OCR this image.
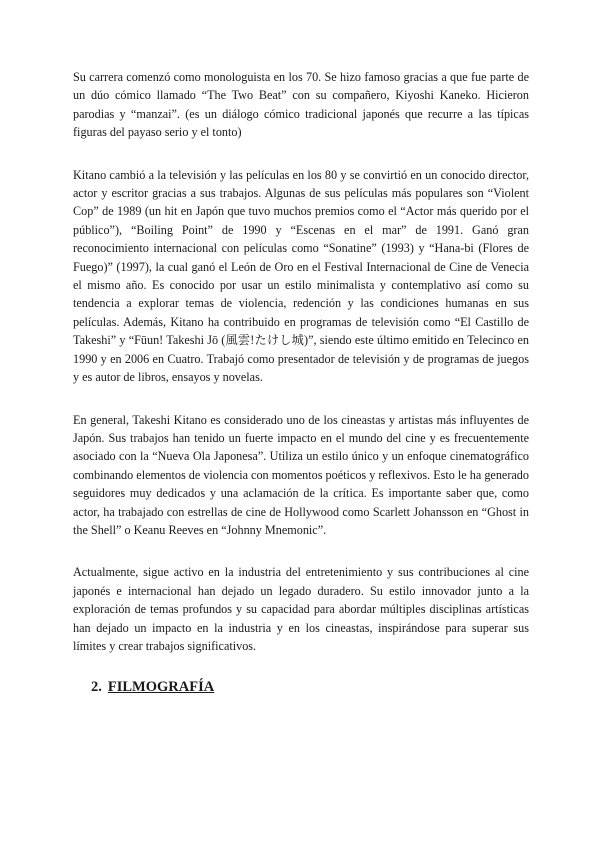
Su carrera comenzó como monologuista en los 70. Se hizo famoso gracias a que fue parte de un dúo cómico llamado “The Two Beat” con su compañero, Kiyoshi Kaneko. Hicieron parodias y “manzai”. (es un diálogo cómico tradicional japonés que recurre a las típicas figuras del payaso serio y el tonto)

Kitano cambió a la televisión y las películas en los 80 y se convirtió en un conocido director, actor y escritor gracias a sus trabajos. Algunas de sus películas más populares son “Violent Cop” de 1989 (un hit en Japón que tuvo muchos premios como el “Actor más querido por el público”), “Boiling Point” de 1990 y “Escenas en el mar” de 1991. Ganó gran reconocimiento internacional con películas como “Sonatine” (1993) y “Hana-bi (Flores de Fuego)” (1997), la cual ganó el León de Oro en el Festival Internacional de Cine de Venecia el mismo año. Es conocido por usar un estilo minimalista y contemplativo así como su tendencia a explorar temas de violencia, redención y las condiciones humanas en sus películas. Además, Kitano ha contribuido en programas de televisión como “El Castillo de Takeshi” y “Fūun! Takeshi Jō (風雲!たけし城)”, siendo este último emitido en Telecinco en 1990 y en 2006 en Cuatro. Trabajó como presentador de televisión y de programas de juegos y es autor de libros, ensayos y novelas.

En general, Takeshi Kitano es considerado uno de los cineastas y artistas más influyentes de Japón. Sus trabajos han tenido un fuerte impacto en el mundo del cine y es frecuentemente asociado con la “Nueva Ola Japonesa”. Utiliza un estilo único y un enfoque cinematográfico combinando elementos de violencia con momentos poéticos y reflexivos. Esto le ha generado seguidores muy dedicados y una aclamación de la crítica. Es importante saber que, como actor, ha trabajado con estrellas de cine de Hollywood como Scarlett Johansson en “Ghost in the Shell” o Keanu Reeves en “Johnny Mnemonic”.

Actualmente, sigue activo en la industria del entretenimiento y sus contribuciones al cine japonés e internacional han dejado un legado duradero. Su estilo innovador junto a la exploración de temas profundos y su capacidad para abordar múltiples disciplinas artísticas han dejado un impacto en la industria y en los cineastas, inspirándose para superar sus límites y crear trabajos significativos.

2. FILMOGRAFÍA
